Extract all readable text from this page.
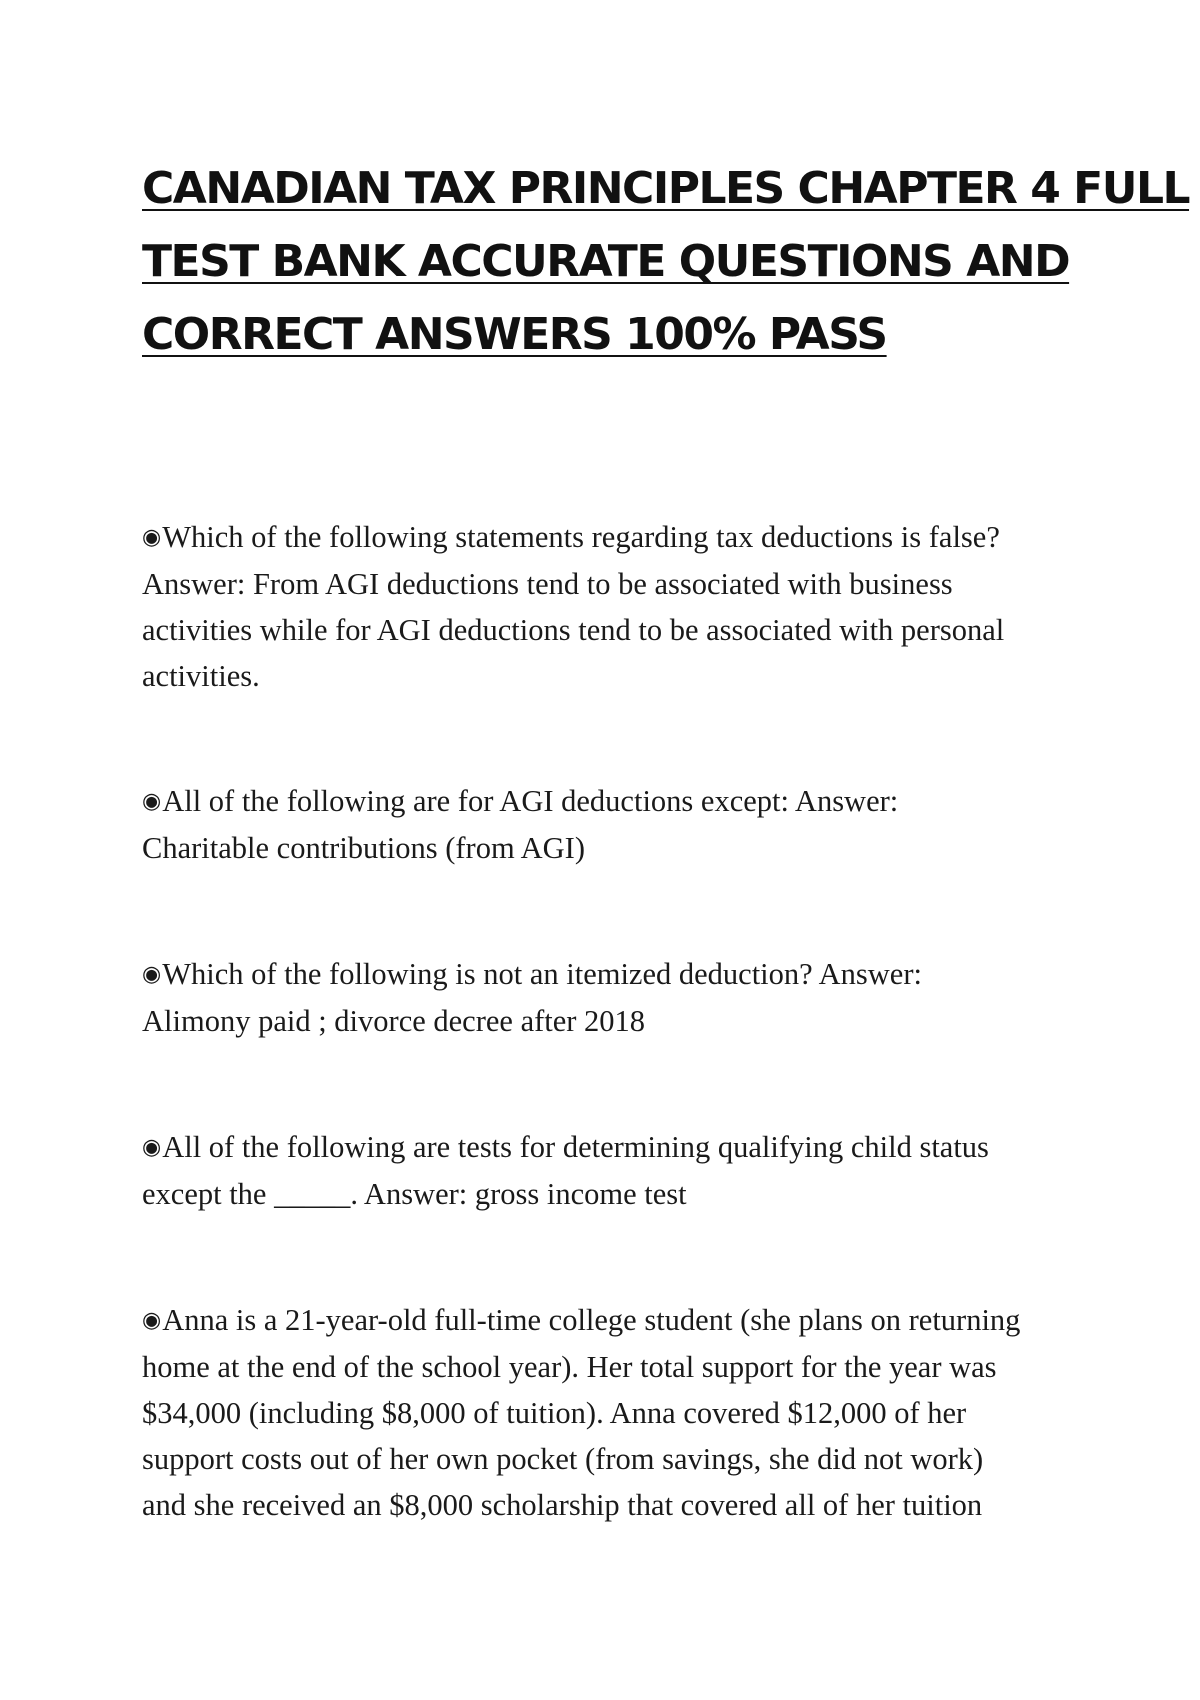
CANADIAN TAX PRINCIPLES CHAPTER 4 FULL
TEST BANK ACCURATE QUESTIONS AND
CORRECT ANSWERS 100% PASS
◉Which of the following statements regarding tax deductions is false?
Answer: From AGI deductions tend to be associated with business
activities while for AGI deductions tend to be associated with personal
activities.
◉All of the following are for AGI deductions except: Answer:
Charitable contributions (from AGI)
◉Which of the following is not an itemized deduction? Answer:
Alimony paid ; divorce decree after 2018
◉All of the following are tests for determining qualifying child status
except the _____. Answer: gross income test
◉Anna is a 21-year-old full-time college student (she plans on returning
home at the end of the school year). Her total support for the year was
$34,000 (including $8,000 of tuition). Anna covered $12,000 of her
support costs out of her own pocket (from savings, she did not work)
and she received an $8,000 scholarship that covered all of her tuition
